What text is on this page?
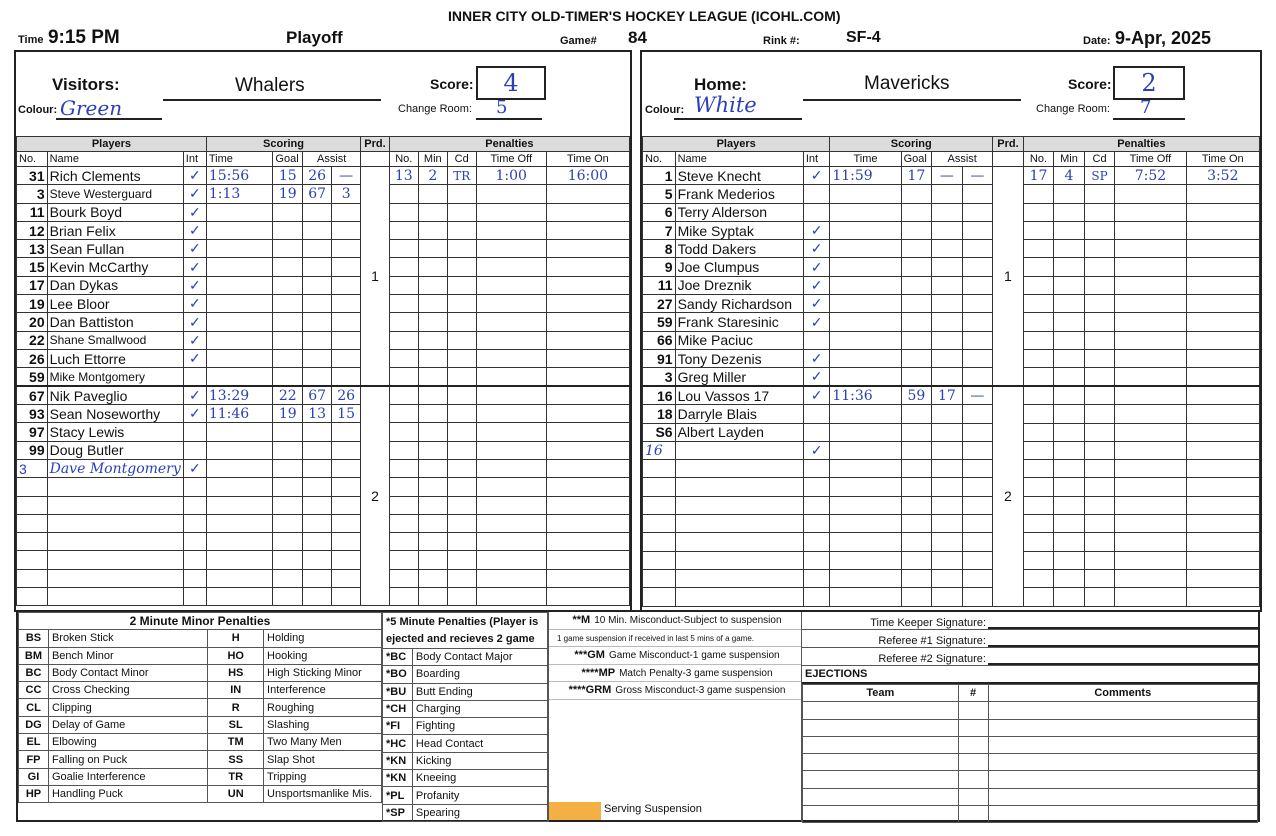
INNER CITY OLD-TIMER'S HOCKEY LEAGUE (ICOHL.COM)
Time 9:15 PM	Playoff	Game# 84	Rink #:	SF-4	Date: 9-Apr, 2025
Visitors:	Whalers
Colour: Green
Score:	4
Change Room: 5
Home:	Mavericks
Colour: White
Score:	2
Change Room: 7
Players			Scoring				Prd.	Penalties				
No.	Name	Int	Time	Goal	Assist			No.	Min	Cd	Time Off	Time On
31	Rich Clements	✓	15:56	15	26	—	1	13	2	TR	1:00	16:00
3	Steve Westerguard	✓	1:13	19	67	3						
11	Bourk Boyd	✓										
12	Brian Felix	✓										
13	Sean Fullan	✓										
15	Kevin McCarthy	✓										
17	Dan Dykas	✓										
19	Lee Bloor	✓										
20	Dan Battiston	✓										
22	Shane Smallwood	✓										
26	Luch Ettorre	✓										
59	Mike Montgomery											
67	Nik Paveglio	✓	13:29	22	67	26	2					
93	Sean Noseworthy	✓	11:46	19	13	15						
97	Stacy Lewis											
99	Doug Butler											
3	Dave Montgomery	✓										

Players			Scoring				Prd.	Penalties				
No.	Name	Int	Time	Goal	Assist			No.	Min	Cd	Time Off	Time On
1	Steve Knecht	✓	11:59	17	—	—	1	17	4	SP	7:52	3:52
5	Frank Mederios											
6	Terry Alderson											
7	Mike Syptak	✓										
8	Todd Dakers	✓										
9	Joe Clumpus	✓										
11	Joe Dreznik	✓										
27	Sandy Richardson	✓										
59	Frank Staresinic	✓										
66	Mike Paciuc											
91	Tony Dezenis	✓										
3	Greg Miller	✓										
16	Lou Vassos 17	✓	11:36	59	17	—	2					
18	Darryle Blais											
S6	Albert Layden											
16		✓										

2 Minute Minor Penalties			
BS	Broken Stick	H	Holding
BM	Bench Minor	HO	Hooking
BC	Body Contact Minor	HS	High Sticking Minor
CC	Cross Checking	IN	Interference
CL	Clipping	R	Roughing
DG	Delay of Game	SL	Slashing
EL	Elbowing	TM	Two Many Men
FP	Falling on Puck	SS	Slap Shot
GI	Goalie Interference	TR	Tripping
HP	Handling Puck	UN	Unsportsmanlike Mis.
*5 Minute Penalties (Player is ejected and recieves 2 game	
*BC	Body Contact Major
*BO	Boarding
*BU	Butt Ending
*CH	Charging
*FI	Fighting
*HC	Head Contact
*KN	Kicking
*KN	Kneeing
*PL	Profanity
*SP	Spearing
**M 10 Min. Misconduct-Subject to suspension
1 game suspension if received in last 5 mins of a game.
***GM Game Misconduct-1 game suspension
****MP Match Penalty-3 game suspension
****GRM Gross Misconduct-3 game suspension
Serving Suspension
Time Keeper Signature:
Referee #1 Signature:
Referee #2 Signature:
EJECTIONS
Team	#	Comments
